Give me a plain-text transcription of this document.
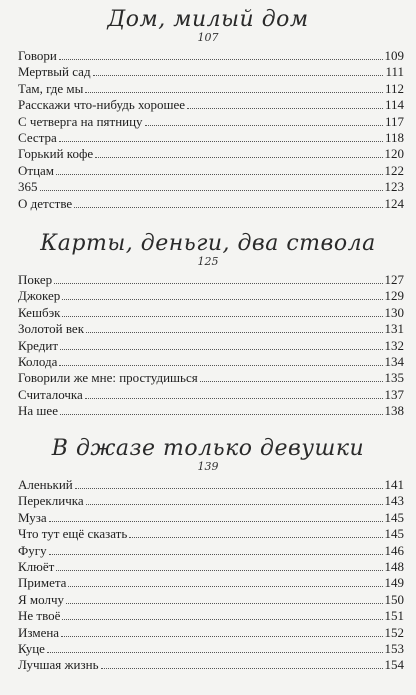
Дом, милый дом
107
Говори	109
Мертвый сад	111
Там, где мы	112
Расскажи что-нибудь хорошее	114
С четверга на пятницу	117
Сестра	118
Горький кофе	120
Отцам	122
365	123
О детстве	124
Карты, деньги, два ствола
125
Покер	127
Джокер	129
Кешбэк	130
Золотой век	131
Кредит	132
Колода	134
Говорили же мне: простудишься	135
Считалочка	137
На шее	138
В джазе только девушки
139
Аленький	141
Перекличка	143
Муза	145
Что тут ещё сказать	145
Фугу	146
Клюёт	148
Примета	149
Я молчу	150
Не твоё	151
Измена	152
Куце	153
Лучшая жизнь	154
